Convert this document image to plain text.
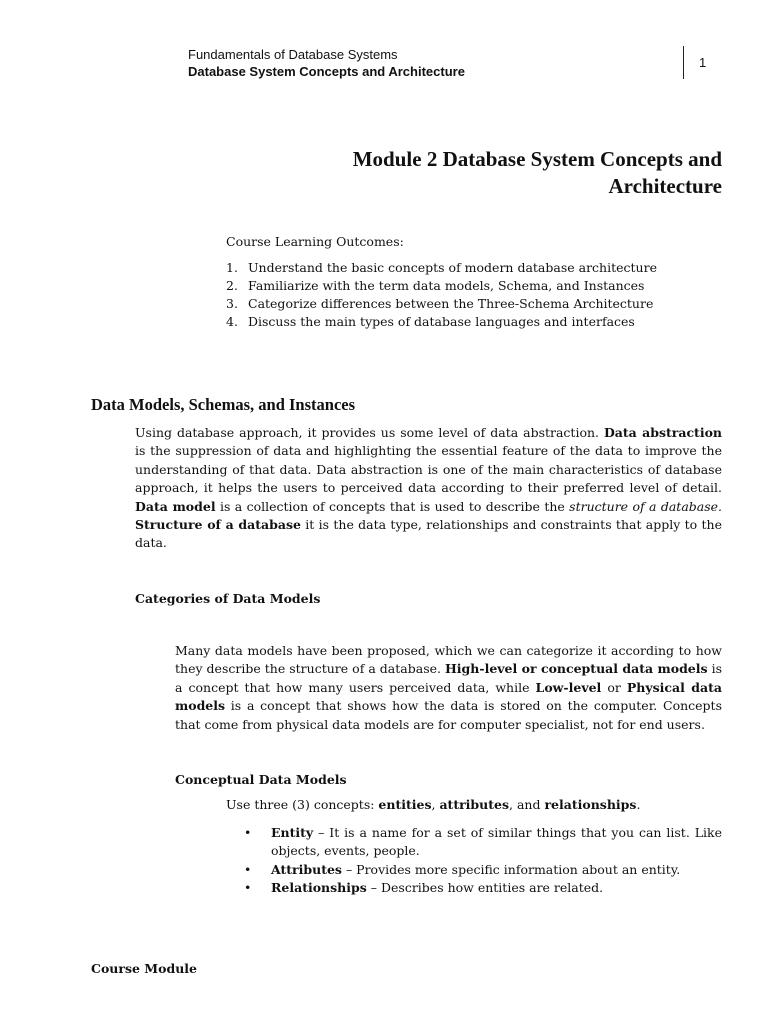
Fundamentals of Database Systems
Database System Concepts and Architecture
1
Module 2 Database System Concepts and
Architecture
Course Learning Outcomes:
1. Understand the basic concepts of modern database architecture
2. Familiarize with the term data models, Schema, and Instances
3. Categorize differences between the Three-Schema Architecture
4. Discuss the main types of database languages and interfaces
Data Models, Schemas, and Instances
Using database approach, it provides us some level of data abstraction. Data abstraction is the suppression of data and highlighting the essential feature of the data to improve the understanding of that data. Data abstraction is one of the main characteristics of database approach, it helps the users to perceived data according to their preferred level of detail. Data model is a collection of concepts that is used to describe the structure of a database. Structure of a database it is the data type, relationships and constraints that apply to the data.
Categories of Data Models
Many data models have been proposed, which we can categorize it according to how they describe the structure of a database. High-level or conceptual data models is a concept that how many users perceived data, while Low-level or Physical data models is a concept that shows how the data is stored on the computer. Concepts that come from physical data models are for computer specialist, not for end users.
Conceptual Data Models
Use three (3) concepts: entities, attributes, and relationships.
• Entity – It is a name for a set of similar things that you can list. Like objects, events, people.
• Attributes – Provides more specific information about an entity.
• Relationships – Describes how entities are related.
Course Module
